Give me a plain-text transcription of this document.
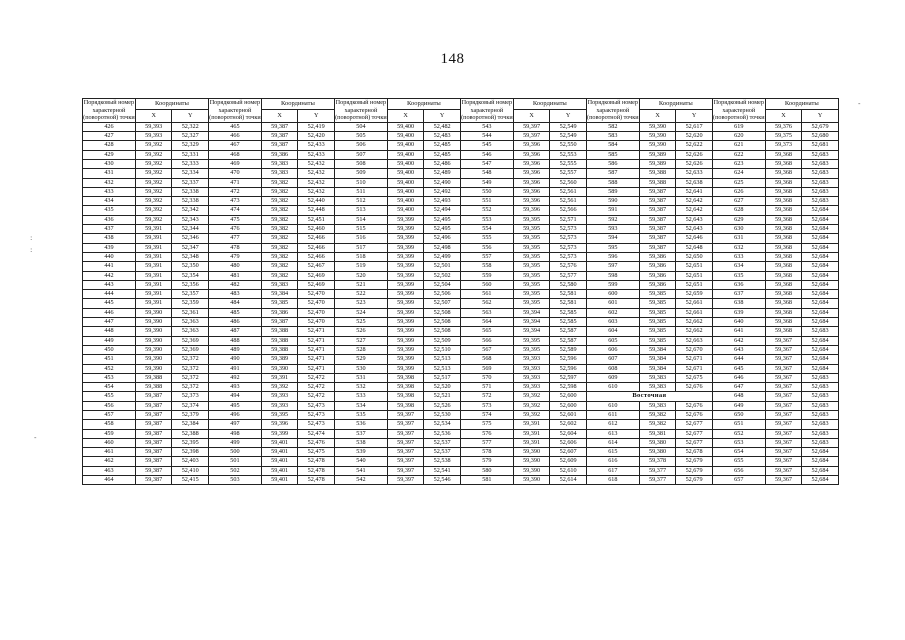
148
Порядковый номер характерной (поворотной) точки	Координаты		Порядковый номер характерной (поворотной) точки	Координаты		Порядковый номер характерной (поворотной) точки	Координаты		Порядковый номер характерной (поворотной) точки	Координаты		Порядковый номер характерной (поворотной) точки	Координаты		Порядковый номер характерной (поворотной) точки	Координаты	
	X	Y		X	Y		X	Y		X	Y		X	Y		X	Y
426	59,393	52,322	465	59,387	52,419	504	59,400	52,482	543	59,397	52,549	582	59,390	52,617	619	59,376	52,679
427	59,393	52,327	466	59,387	52,420	505	59,400	52,483	544	59,397	52,549	583	59,390	52,620	620	59,375	52,680
428	59,392	52,329	467	59,387	52,433	506	59,400	52,485	545	59,396	52,550	584	59,390	52,622	621	59,373	52,681
429	59,392	52,331	468	59,386	52,433	507	59,400	52,485	546	59,396	52,553	585	59,389	52,626	622	59,368	52,683
430	59,392	52,333	469	59,383	52,432	508	59,400	52,486	547	59,396	52,555	586	59,389	52,626	623	59,368	52,683
431	59,392	52,334	470	59,383	52,432	509	59,400	52,489	548	59,396	52,557	587	59,388	52,633	624	59,368	52,683
432	59,392	52,337	471	59,382	52,432	510	59,400	52,490	549	59,396	52,560	588	59,388	52,638	625	59,368	52,683
433	59,392	52,338	472	59,382	52,432	511	59,400	52,492	550	59,396	52,561	589	59,387	52,641	626	59,368	52,683
434	59,392	52,338	473	59,382	52,440	512	59,400	52,493	551	59,396	52,561	590	59,387	52,642	627	59,368	52,683
435	59,392	52,342	474	59,382	52,448	513	59,400	52,494	552	59,396	52,566	591	59,387	52,642	628	59,368	52,684
436	59,392	52,343	475	59,382	52,451	514	59,399	52,495	553	59,395	52,571	592	59,387	52,643	629	59,368	52,684
437	59,391	52,344	476	59,382	52,460	515	59,399	52,495	554	59,395	52,573	593	59,387	52,643	630	59,368	52,684
438	59,391	52,346	477	59,382	52,466	516	59,399	52,496	555	59,395	52,573	594	59,387	52,646	631	59,368	52,684
439	59,391	52,347	478	59,382	52,466	517	59,399	52,498	556	59,395	52,573	595	59,387	52,648	632	59,368	52,684
440	59,391	52,348	479	59,382	52,466	518	59,399	52,499	557	59,395	52,573	596	59,386	52,650	633	59,368	52,684
441	59,391	52,350	480	59,382	52,467	519	59,399	52,501	558	59,395	52,576	597	59,386	52,651	634	59,368	52,684
442	59,391	52,354	481	59,382	52,469	520	59,399	52,502	559	59,395	52,577	598	59,386	52,651	635	59,368	52,684
443	59,391	52,356	482	59,383	52,469	521	59,399	52,504	560	59,395	52,580	599	59,386	52,651	636	59,368	52,684
444	59,391	52,357	483	59,384	52,470	522	59,399	52,506	561	59,395	52,581	600	59,385	52,659	637	59,368	52,684
445	59,391	52,359	484	59,385	52,470	523	59,399	52,507	562	59,395	52,581	601	59,385	52,661	638	59,368	52,684
446	59,390	52,361	485	59,386	52,470	524	59,399	52,508	563	59,394	52,585	602	59,385	52,661	639	59,368	52,684
447	59,390	52,363	486	59,387	52,470	525	59,399	52,508	564	59,394	52,585	603	59,385	52,662	640	59,368	52,684
448	59,390	52,363	487	59,388	52,471	526	59,399	52,508	565	59,394	52,587	604	59,385	52,662	641	59,368	52,683
449	59,390	52,369	488	59,388	52,471	527	59,399	52,509	566	59,395	52,587	605	59,385	52,663	642	59,367	52,684
450	59,390	52,369	489	59,388	52,471	528	59,399	52,510	567	59,395	52,589	606	59,384	52,670	643	59,367	52,684
451	59,390	52,372	490	59,389	52,471	529	59,399	52,513	568	59,393	52,596	607	59,384	52,671	644	59,367	52,684
452	59,390	52,372	491	59,390	52,471	530	59,399	52,513	569	59,393	52,596	608	59,384	52,671	645	59,367	52,684
453	59,388	52,372	492	59,391	52,472	531	59,398	52,517	570	59,393	52,597	609	59,383	52,675	646	59,367	52,683
454	59,388	52,372	493	59,392	52,472	532	59,398	52,520	571	59,393	52,598	610	59,383	52,676	647	59,367	52,683
455	59,387	52,373	494	59,393	52,472	533	59,398	52,521	572	59,392	52,600	Восточная			648	59,367	52,683
456	59,387	52,374	495	59,393	52,473	534	59,398	52,526	573	59,392	52,600	610	59,383	52,676	649	59,367	52,683
457	59,387	52,379	496	59,395	52,473	535	59,397	52,530	574	59,392	52,601	611	59,382	52,676	650	59,367	52,683
458	59,387	52,384	497	59,396	52,473	536	59,397	52,534	575	59,391	52,602	612	59,382	52,677	651	59,367	52,683
459	59,387	52,388	498	59,399	52,474	537	59,397	52,536	576	59,391	52,604	613	59,381	52,677	652	59,367	52,683
460	59,387	52,395	499	59,401	52,476	538	59,397	52,537	577	59,391	52,606	614	59,380	52,677	653	59,367	52,683
461	59,387	52,398	500	59,401	52,475	539	59,397	52,537	578	59,390	52,607	615	59,380	52,678	654	59,367	52,684
462	59,387	52,403	501	59,401	52,478	540	59,397	52,538	579	59,390	52,609	616	59,378	52,679	655	59,367	52,684
463	59,387	52,410	502	59,401	52,478	541	59,397	52,541	580	59,390	52,610	617	59,377	52,679	656	59,367	52,684
464	59,387	52,415	503	59,401	52,478	542	59,397	52,546	581	59,390	52,614	618	59,377	52,679	657	59,367	52,684
-
:
:
-
